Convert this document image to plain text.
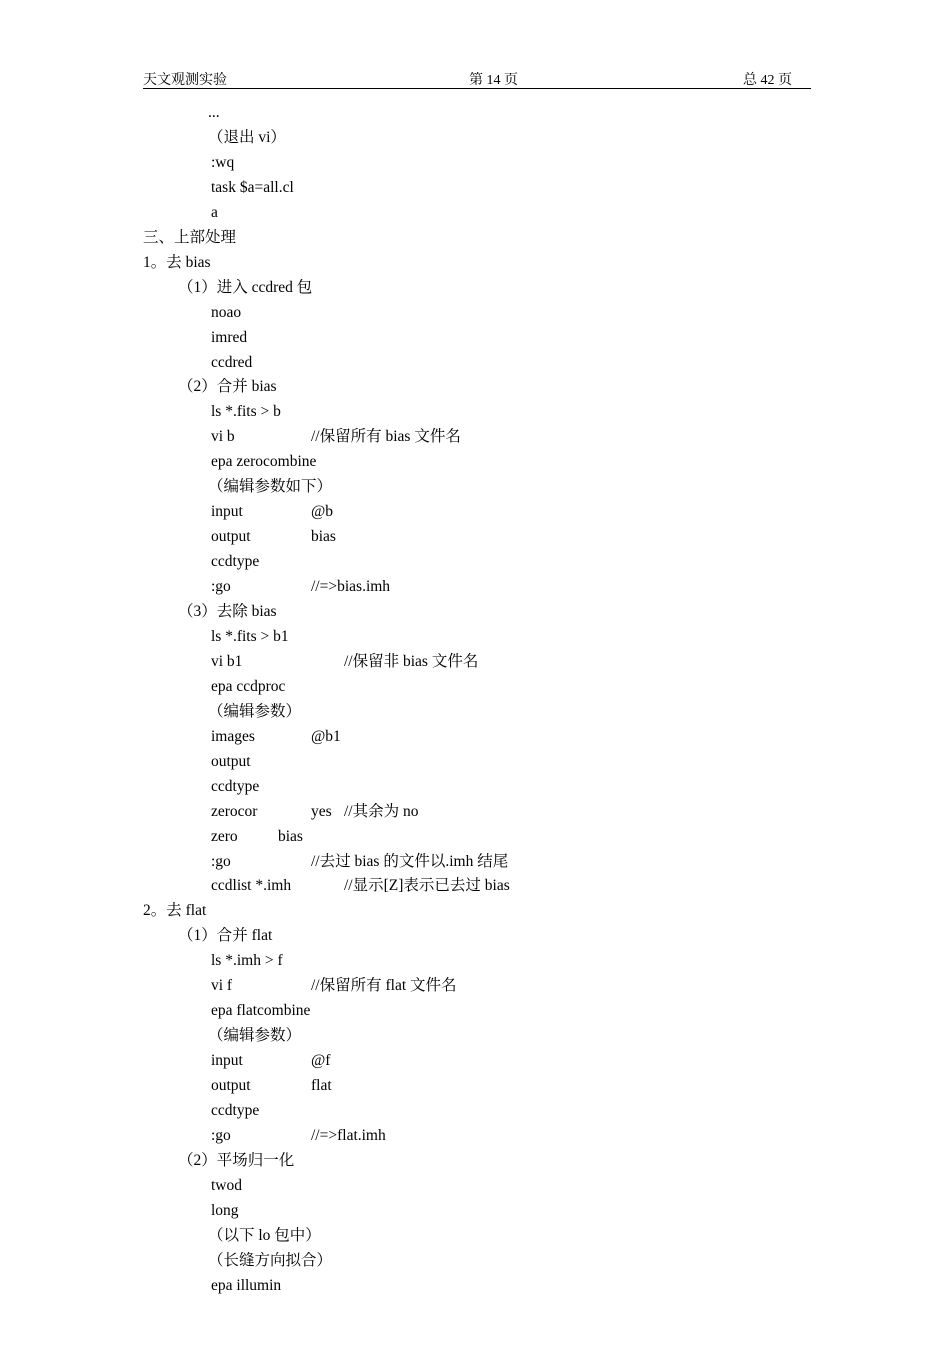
天文观测实验	第 14 页	总 42 页
...
（退出 vi）
:wq
task $a=all.cl
a
三、上部处理
1。去 bias
（1）进入 ccdred 包
noao
imred
ccdred
（2）合并 bias
ls *.fits > b
vi b	//保留所有 bias 文件名
epa zerocombine
（编辑参数如下）
input	@b
output	bias
ccdtype
:go	//=>bias.imh
（3）去除 bias
ls *.fits > b1
vi b1	//保留非 bias 文件名
epa ccdproc
（编辑参数）
images	@b1
output
ccdtype
zerocor	yes //其余为 no
zero	bias
:go	//去过 bias 的文件以.imh 结尾
ccdlist *.imh	//显示[Z]表示已去过 bias
2。去 flat
（1）合并 flat
ls *.imh > f
vi f	//保留所有 flat 文件名
epa flatcombine
（编辑参数）
input	@f
output	flat
ccdtype
:go	//=>flat.imh
（2）平场归一化
twod
long
（以下 lo 包中）
（长缝方向拟合）
epa illumin
